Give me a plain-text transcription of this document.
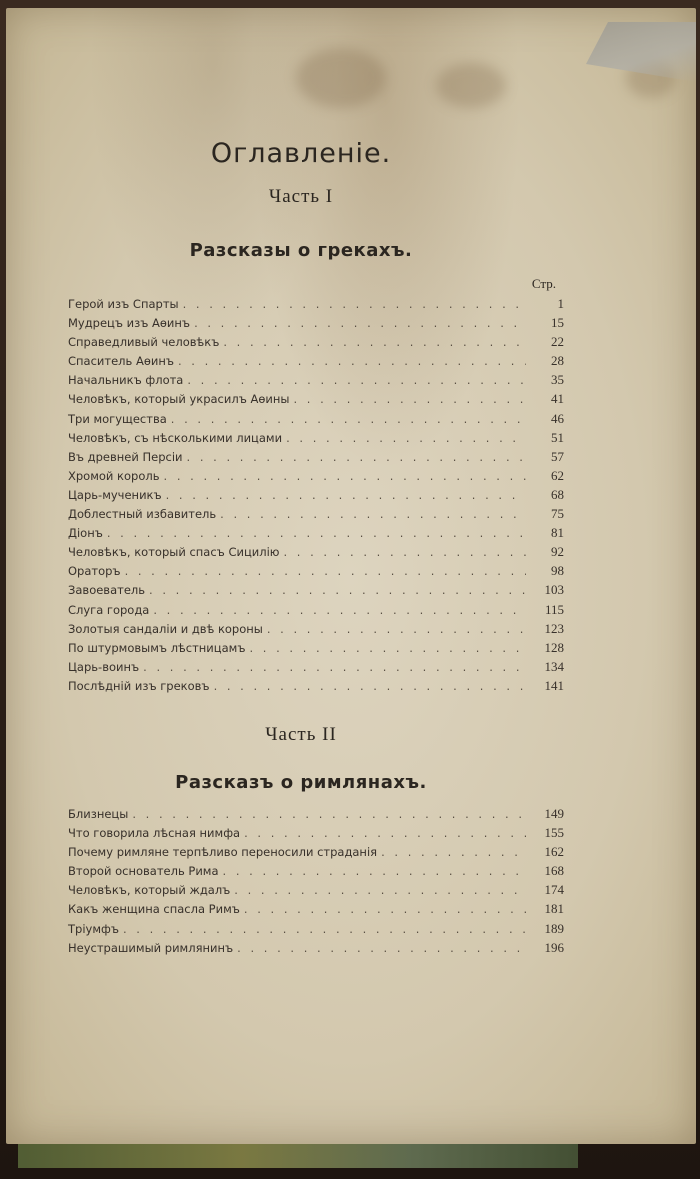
Оглавленіе.
Часть I
Разсказы о грекахъ.
Стр.
Герой изъ Спарты . . .	1
Мудрецъ изъ Аѳинъ . . .	15
Справедливый человѣкъ . . .	22
Спаситель Аѳинъ . . .	28
Начальникъ флота . . .	35
Человѣкъ, который украсилъ Аѳины . . .	41
Три могущества . . .	46
Человѣкъ, съ нѣсколькими лицами . . .	51
Въ древней Персіи . . .	57
Хромой король . . .	62
Царь-мученикъ . . .	68
Доблестный избавитель . . .	75
Діонъ . . .	81
Человѣкъ, который спасъ Сицилію . . .	92
Ораторъ . . .	98
Завоеватель . . .	103
Слуга города . . .	115
Золотыя сандаліи и двѣ короны . . .	123
По штурмовымъ лѣстницамъ . . .	128
Царь-воинъ . . .	134
Послѣдній изъ грековъ . . .	141
Часть II
Разсказъ о римлянахъ.
Близнецы . . .	149
Что говорила лѣсная нимфа . . .	155
Почему римляне терпѣливо переносили страданія . . .	162
Второй основатель Рима . . .	168
Человѣкъ, который ждалъ . . .	174
Какъ женщина спасла Римъ . . .	181
Тріумфъ . . .	189
Неустрашимый римлянинъ . . .	196
